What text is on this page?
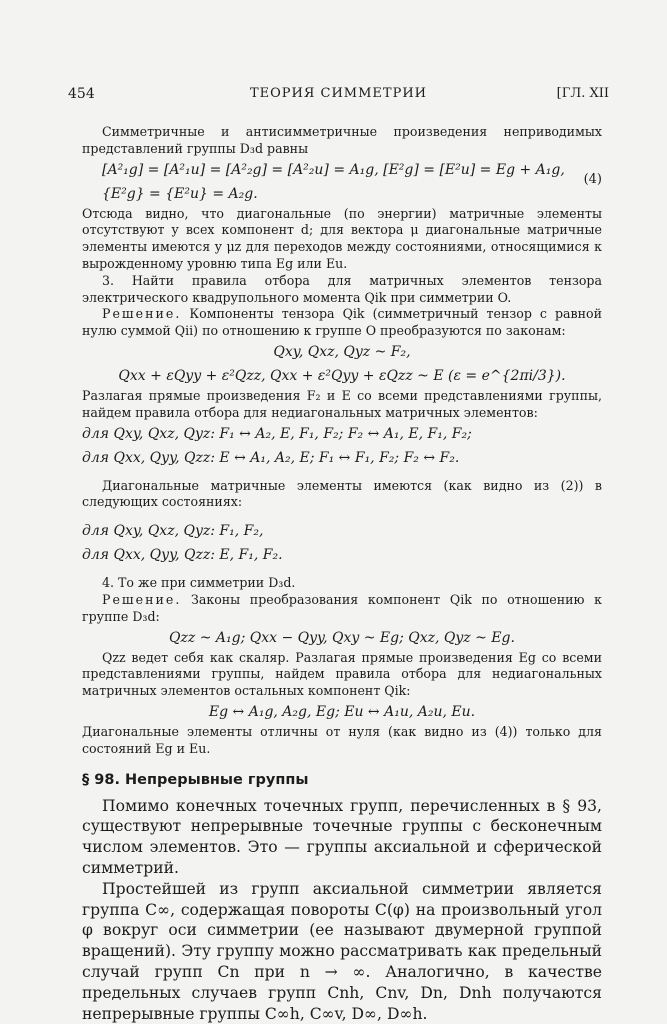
454	ТЕОРИЯ СИММЕТРИИ	[ГЛ. XII

Симметричные и антисимметричные произведения неприводимых представлений группы D₃d равны

[A²₁g] = [A²₁u] = [A²₂g] = [A²₂u] = A₁g, [E²g] = [E²u] = Eg + A₁g,

{E²g} = {E²u} = A₂g.

(4)

Отсюда видно, что диагональные (по энергии) матричные элементы отсутствуют у всех компонент d; для вектора μ диагональные матричные элементы имеются у μz для переходов между состояниями, относящимися к вырожденному уровню типа Eg или Eu.

3. Найти правила отбора для матричных элементов тензора электрического квадрупольного момента Qik при симметрии O.

Решение. Компоненты тензора Qik (симметричный тензор с равной нулю суммой Qii) по отношению к группе O преобразуются по законам:

Qxy, Qxz, Qyz ~ F₂,

Qxx + εQyy + ε²Qzz, Qxx + ε²Qyy + εQzz ~ E (ε = e^{2πi/3}).

Разлагая прямые произведения F₂ и E со всеми представлениями группы, найдем правила отбора для недиагональных матричных элементов:

для Qxy, Qxz, Qyz: F₁ ↔ A₂, E, F₁, F₂; F₂ ↔ A₁, E, F₁, F₂;

для Qxx, Qyy, Qzz: E ↔ A₁, A₂, E; F₁ ↔ F₁, F₂; F₂ ↔ F₂.

Диагональные матричные элементы имеются (как видно из (2)) в следующих состояниях:

для Qxy, Qxz, Qyz: F₁, F₂,

для Qxx, Qyy, Qzz: E, F₁, F₂.

4. То же при симметрии D₃d.

Решение. Законы преобразования компонент Qik по отношению к группе D₃d:

Qzz ~ A₁g; Qxx − Qyy, Qxy ~ Eg; Qxz, Qyz ~ Eg.

Qzz ведет себя как скаляр. Разлагая прямые произведения Eg со всеми представлениями группы, найдем правила отбора для недиагональных матричных элементов остальных компонент Qik:

Eg ↔ A₁g, A₂g, Eg; Eu ↔ A₁u, A₂u, Eu.

Диагональные элементы отличны от нуля (как видно из (4)) только для состояний Eg и Eu.

§ 98. Непрерывные группы

Помимо конечных точечных групп, перечисленных в § 93, существуют непрерывные точечные группы с бесконечным числом элементов. Это — группы аксиальной и сферической симметрий.

Простейшей из групп аксиальной симметрии является группа C∞, содержащая повороты C(φ) на произвольный угол φ вокруг оси симметрии (ее называют двумерной группой вращений). Эту группу можно рассматривать как предельный случай групп Cn при n → ∞. Аналогично, в качестве предельных случаев групп Cnh, Cnv, Dn, Dnh получаются непрерывные группы C∞h, C∞v, D∞, D∞h.
